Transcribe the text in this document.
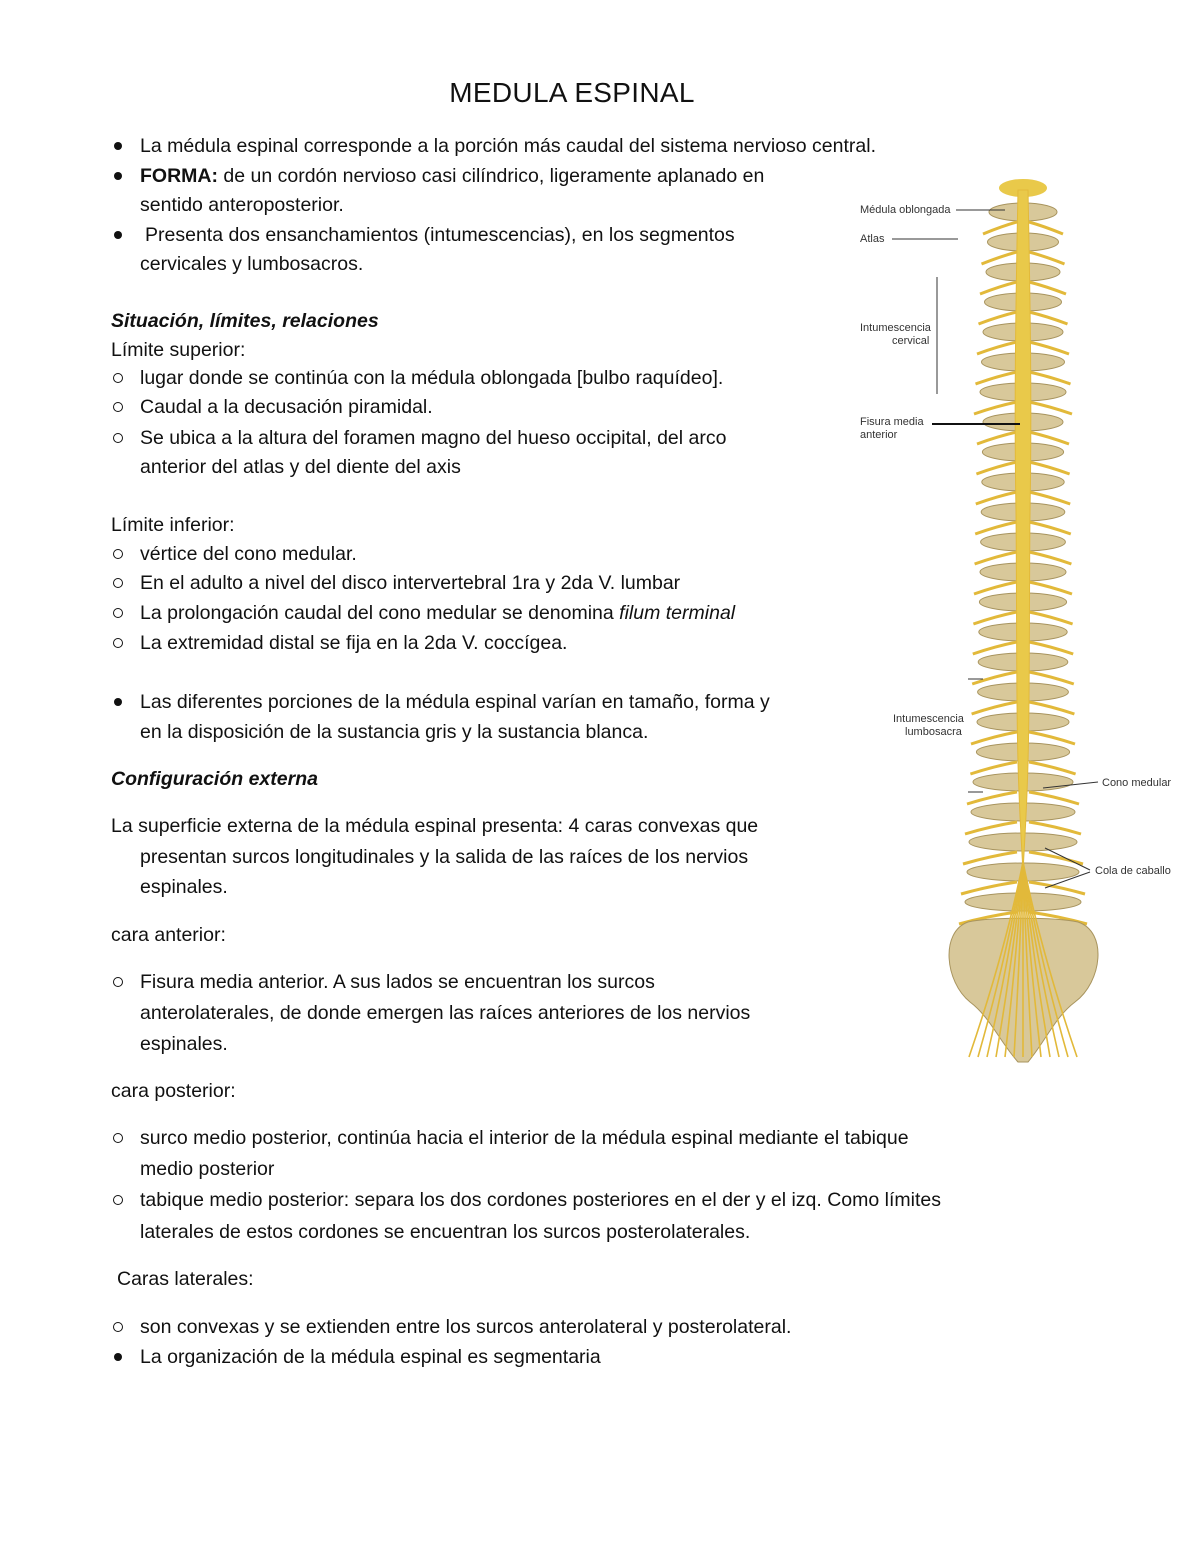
MEDULA ESPINAL
La médula espinal corresponde a la porción más caudal del sistema nervioso central.
FORMA: de un cordón nervioso casi cilíndrico, ligeramente aplanado en
sentido anteroposterior.
Presenta dos ensanchamientos (intumescencias), en los segmentos
cervicales y lumbosacros.
Situación, límites, relaciones
Límite superior:
lugar donde se continúa con la médula oblongada [bulbo raquídeo].
Caudal a la decusación piramidal.
Se ubica a la altura del foramen magno del hueso occipital, del arco
anterior del atlas y del diente del axis
Límite inferior:
vértice del cono medular.
En el adulto a nivel del disco intervertebral 1ra y 2da V. lumbar
La prolongación caudal del cono medular se denomina filum terminal
La extremidad distal se fija en la 2da V. coccígea.
Las diferentes porciones de la médula espinal varían en tamaño, forma y
en la disposición de la sustancia gris y la sustancia blanca.
Configuración externa
La superficie externa de la médula espinal presenta: 4 caras convexas que
presentan surcos longitudinales y la salida de las raíces de los nervios
espinales.
cara anterior:
Fisura media anterior. A sus lados se encuentran los surcos
anterolaterales, de donde emergen las raíces anteriores de los nervios
espinales.
cara posterior:
surco medio posterior, continúa hacia el interior de la médula espinal mediante el tabique
medio posterior
tabique medio posterior: separa los dos cordones posteriores en el der y el izq. Como límites
laterales de estos cordones se encuentran los surcos posterolaterales.
Caras laterales:
son convexas y se extienden entre los surcos anterolateral y posterolateral.
La organización de la médula espinal es segmentaria
Médula oblongada
Atlas
Intumescencia
cervical
Fisura media
anterior
Intumescencia
lumbosacra
Cono medular
Cola de caballo
